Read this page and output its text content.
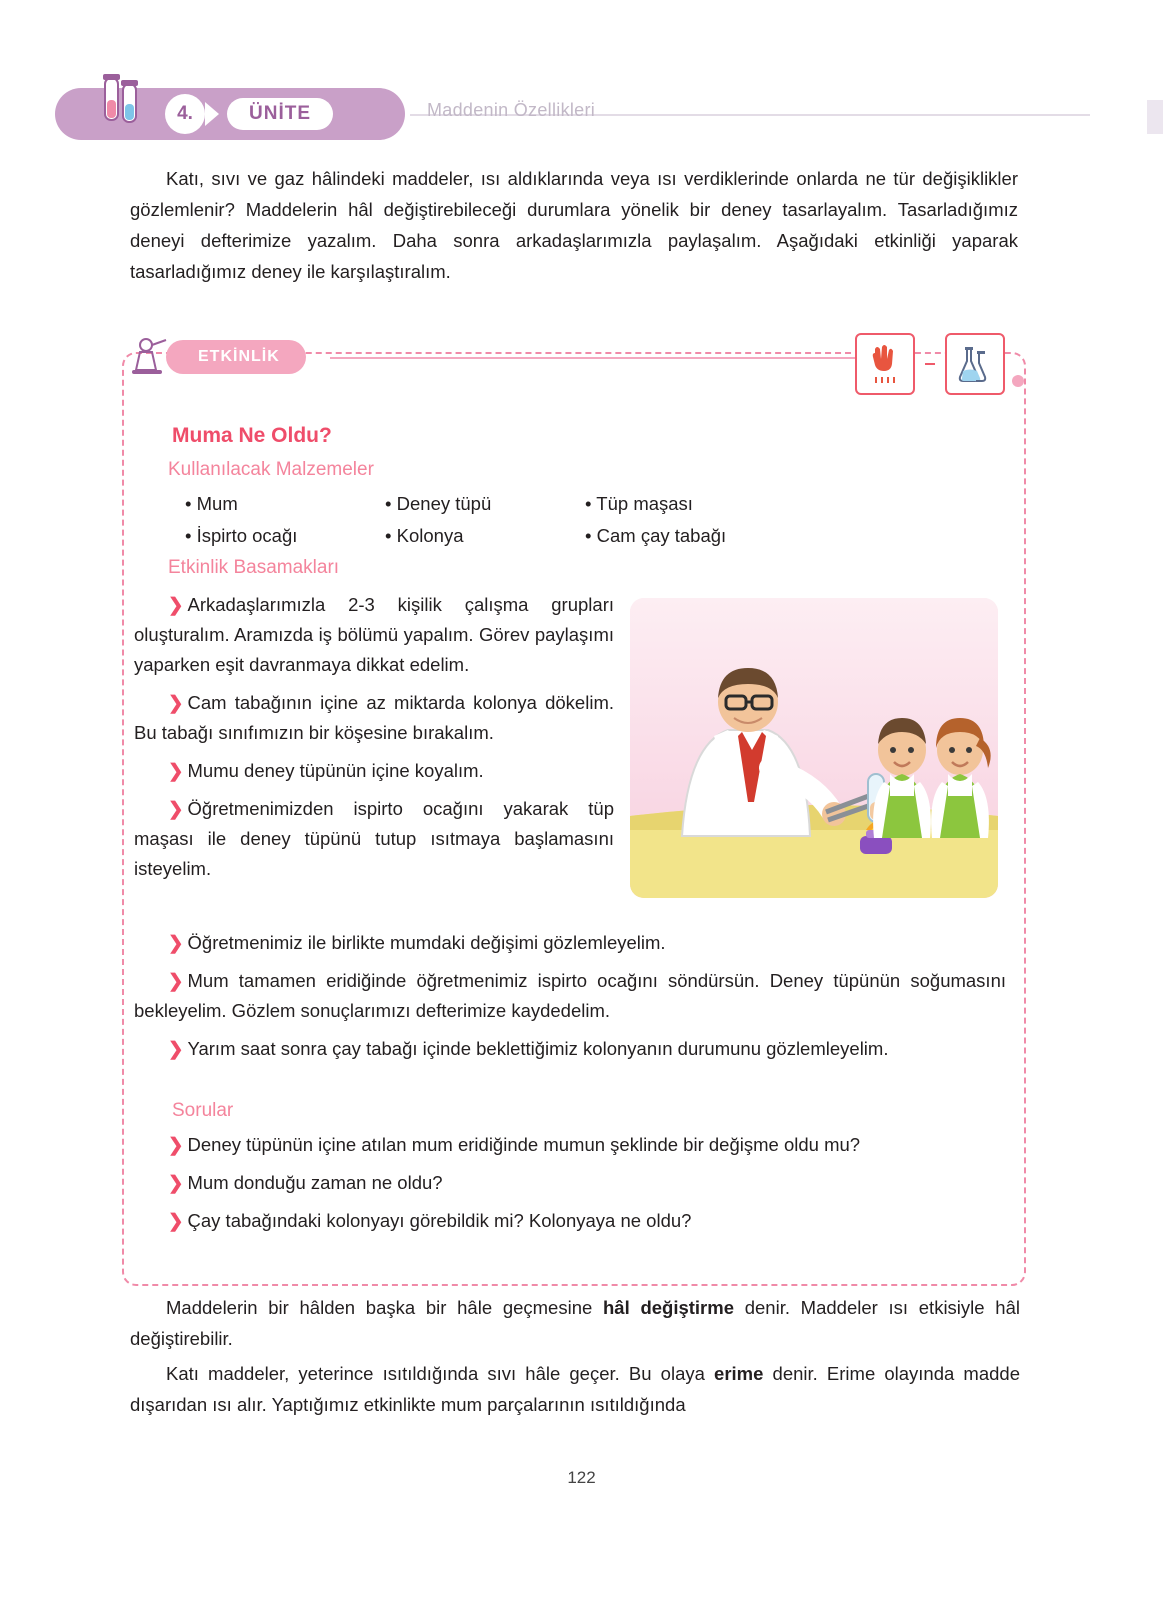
4.	ÜNİTE	Maddenin Özellikleri
Katı, sıvı ve gaz hâlindeki maddeler, ısı aldıklarında veya ısı verdiklerinde onlarda ne tür değişiklikler gözlemlenir? Maddelerin hâl değiştirebileceği durumlara yönelik bir deney tasarlayalım. Tasarladığımız deneyi defterimize yazalım. Daha sonra arkadaşlarımızla paylaşalım. Aşağıdaki etkinliği yaparak tasarladığımız deney ile karşılaştıralım.
ETKİNLİK
Muma Ne Oldu?
Kullanılacak Malzemeler
• Mum	• Deney tüpü	• Tüp maşası
• İspirto ocağı	• Kolonya	• Cam çay tabağı
Etkinlik Basamakları
❯ Arkadaşlarımızla 2-3 kişilik çalışma grupları oluşturalım. Aramızda iş bölümü yapalım. Görev paylaşımı yaparken eşit davranmaya dikkat edelim.
❯ Cam tabağının içine az miktarda kolonya dökelim. Bu tabağı sınıfımızın bir köşesine bırakalım.
❯ Mumu deney tüpünün içine koyalım.
❯ Öğretmenimizden ispirto ocağını yakarak tüp maşası ile deney tüpünü tutup ısıtmaya başlamasını isteyelim.
❯ Öğretmenimiz ile birlikte mumdaki değişimi gözlemleyelim.
❯ Mum tamamen eridiğinde öğretmenimiz ispirto ocağını söndürsün. Deney tüpünün soğumasını bekleyelim. Gözlem sonuçlarımızı defterimize kaydedelim.
❯ Yarım saat sonra çay tabağı içinde beklettiğimiz kolonyanın durumunu gözlemleyelim.
Sorular
❯ Deney tüpünün içine atılan mum eridiğinde mumun şeklinde bir değişme oldu mu?
❯ Mum donduğu zaman ne oldu?
❯ Çay tabağındaki kolonyayı görebildik mi? Kolonyaya ne oldu?

Maddelerin bir hâlden başka bir hâle geçmesine hâl değiştirme denir. Maddeler ısı etkisiyle hâl değiştirebilir.

Katı maddeler, yeterince ısıtıldığında sıvı hâle geçer. Bu olaya erime denir. Erime olayında madde dışarıdan ısı alır. Yaptığımız etkinlikte mum parçalarının ısıtıldığında

122
